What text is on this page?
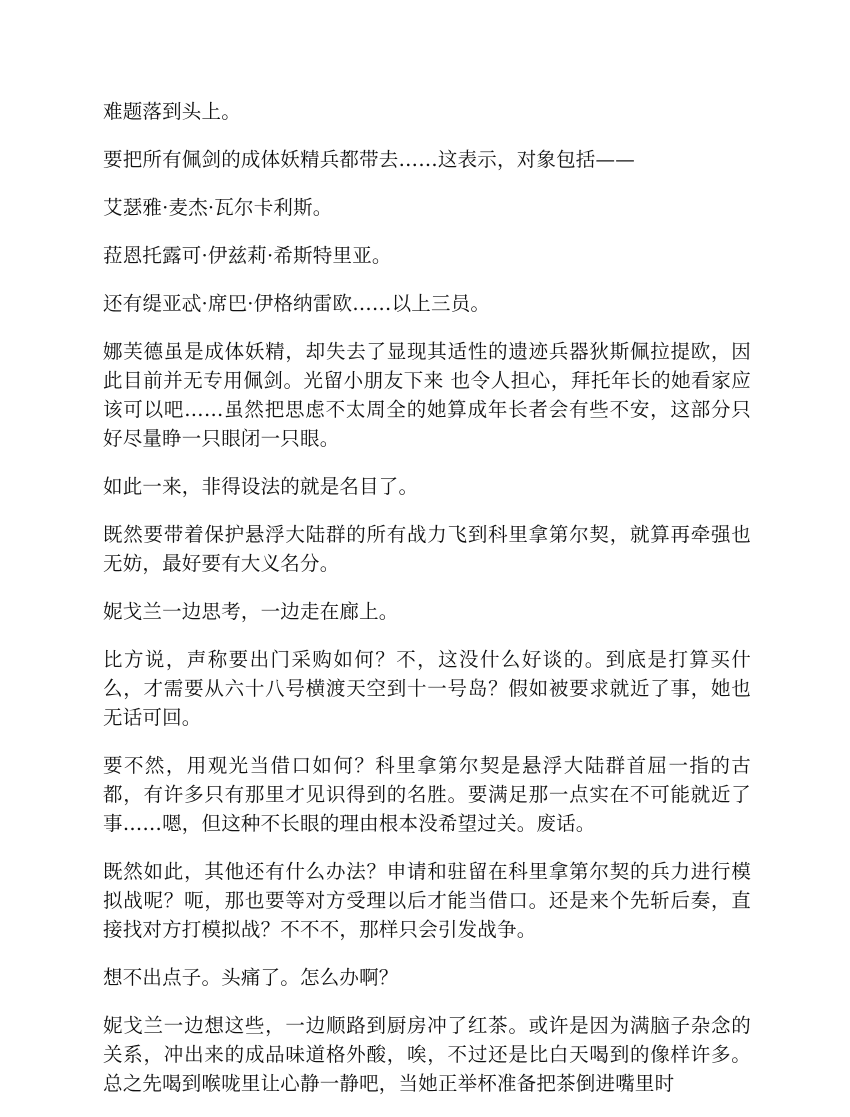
难题落到头上。

要把所有佩剑的成体妖精兵都带去……这表示，对象包括——

艾瑟雅·麦杰·瓦尔卡利斯。

菈恩托露可·伊兹莉·希斯特里亚。

还有缇亚忒·席巴·伊格纳雷欧……以上三员。

娜芙德虽是成体妖精，却失去了显现其适性的遗迹兵器狄斯佩拉提欧，因此目前并无专用佩剑。光留小朋友下来 也令人担心，拜托年长的她看家应该可以吧……虽然把思虑不太周全的她算成年长者会有些不安，这部分只好尽量睁一只眼闭一只眼。

如此一来，非得设法的就是名目了。

既然要带着保护悬浮大陆群的所有战力飞到科里拿第尔契，就算再牵强也无妨，最好要有大义名分。

妮戈兰一边思考，一边走在廊上。

比方说，声称要出门采购如何？不，这没什么好谈的。到底是打算买什么，才需要从六十八号横渡天空到十一号岛？假如被要求就近了事，她也无话可回。

要不然，用观光当借口如何？科里拿第尔契是悬浮大陆群首屈一指的古都，有许多只有那里才见识得到的名胜。要满足那一点实在不可能就近了事……嗯，但这种不长眼的理由根本没希望过关。废话。

既然如此，其他还有什么办法？申请和驻留在科里拿第尔契的兵力进行模拟战呢？呃，那也要等对方受理以后才能当借口。还是来个先斩后奏，直接找对方打模拟战？不不不，那样只会引发战争。

想不出点子。头痛了。怎么办啊？

妮戈兰一边想这些，一边顺路到厨房冲了红茶。或许是因为满脑子杂念的关系，冲出来的成品味道格外酸，唉，不过还是比白天喝到的像样许多。总之先喝到喉咙里让心静一静吧，当她正举杯准备把茶倒进嘴里时
